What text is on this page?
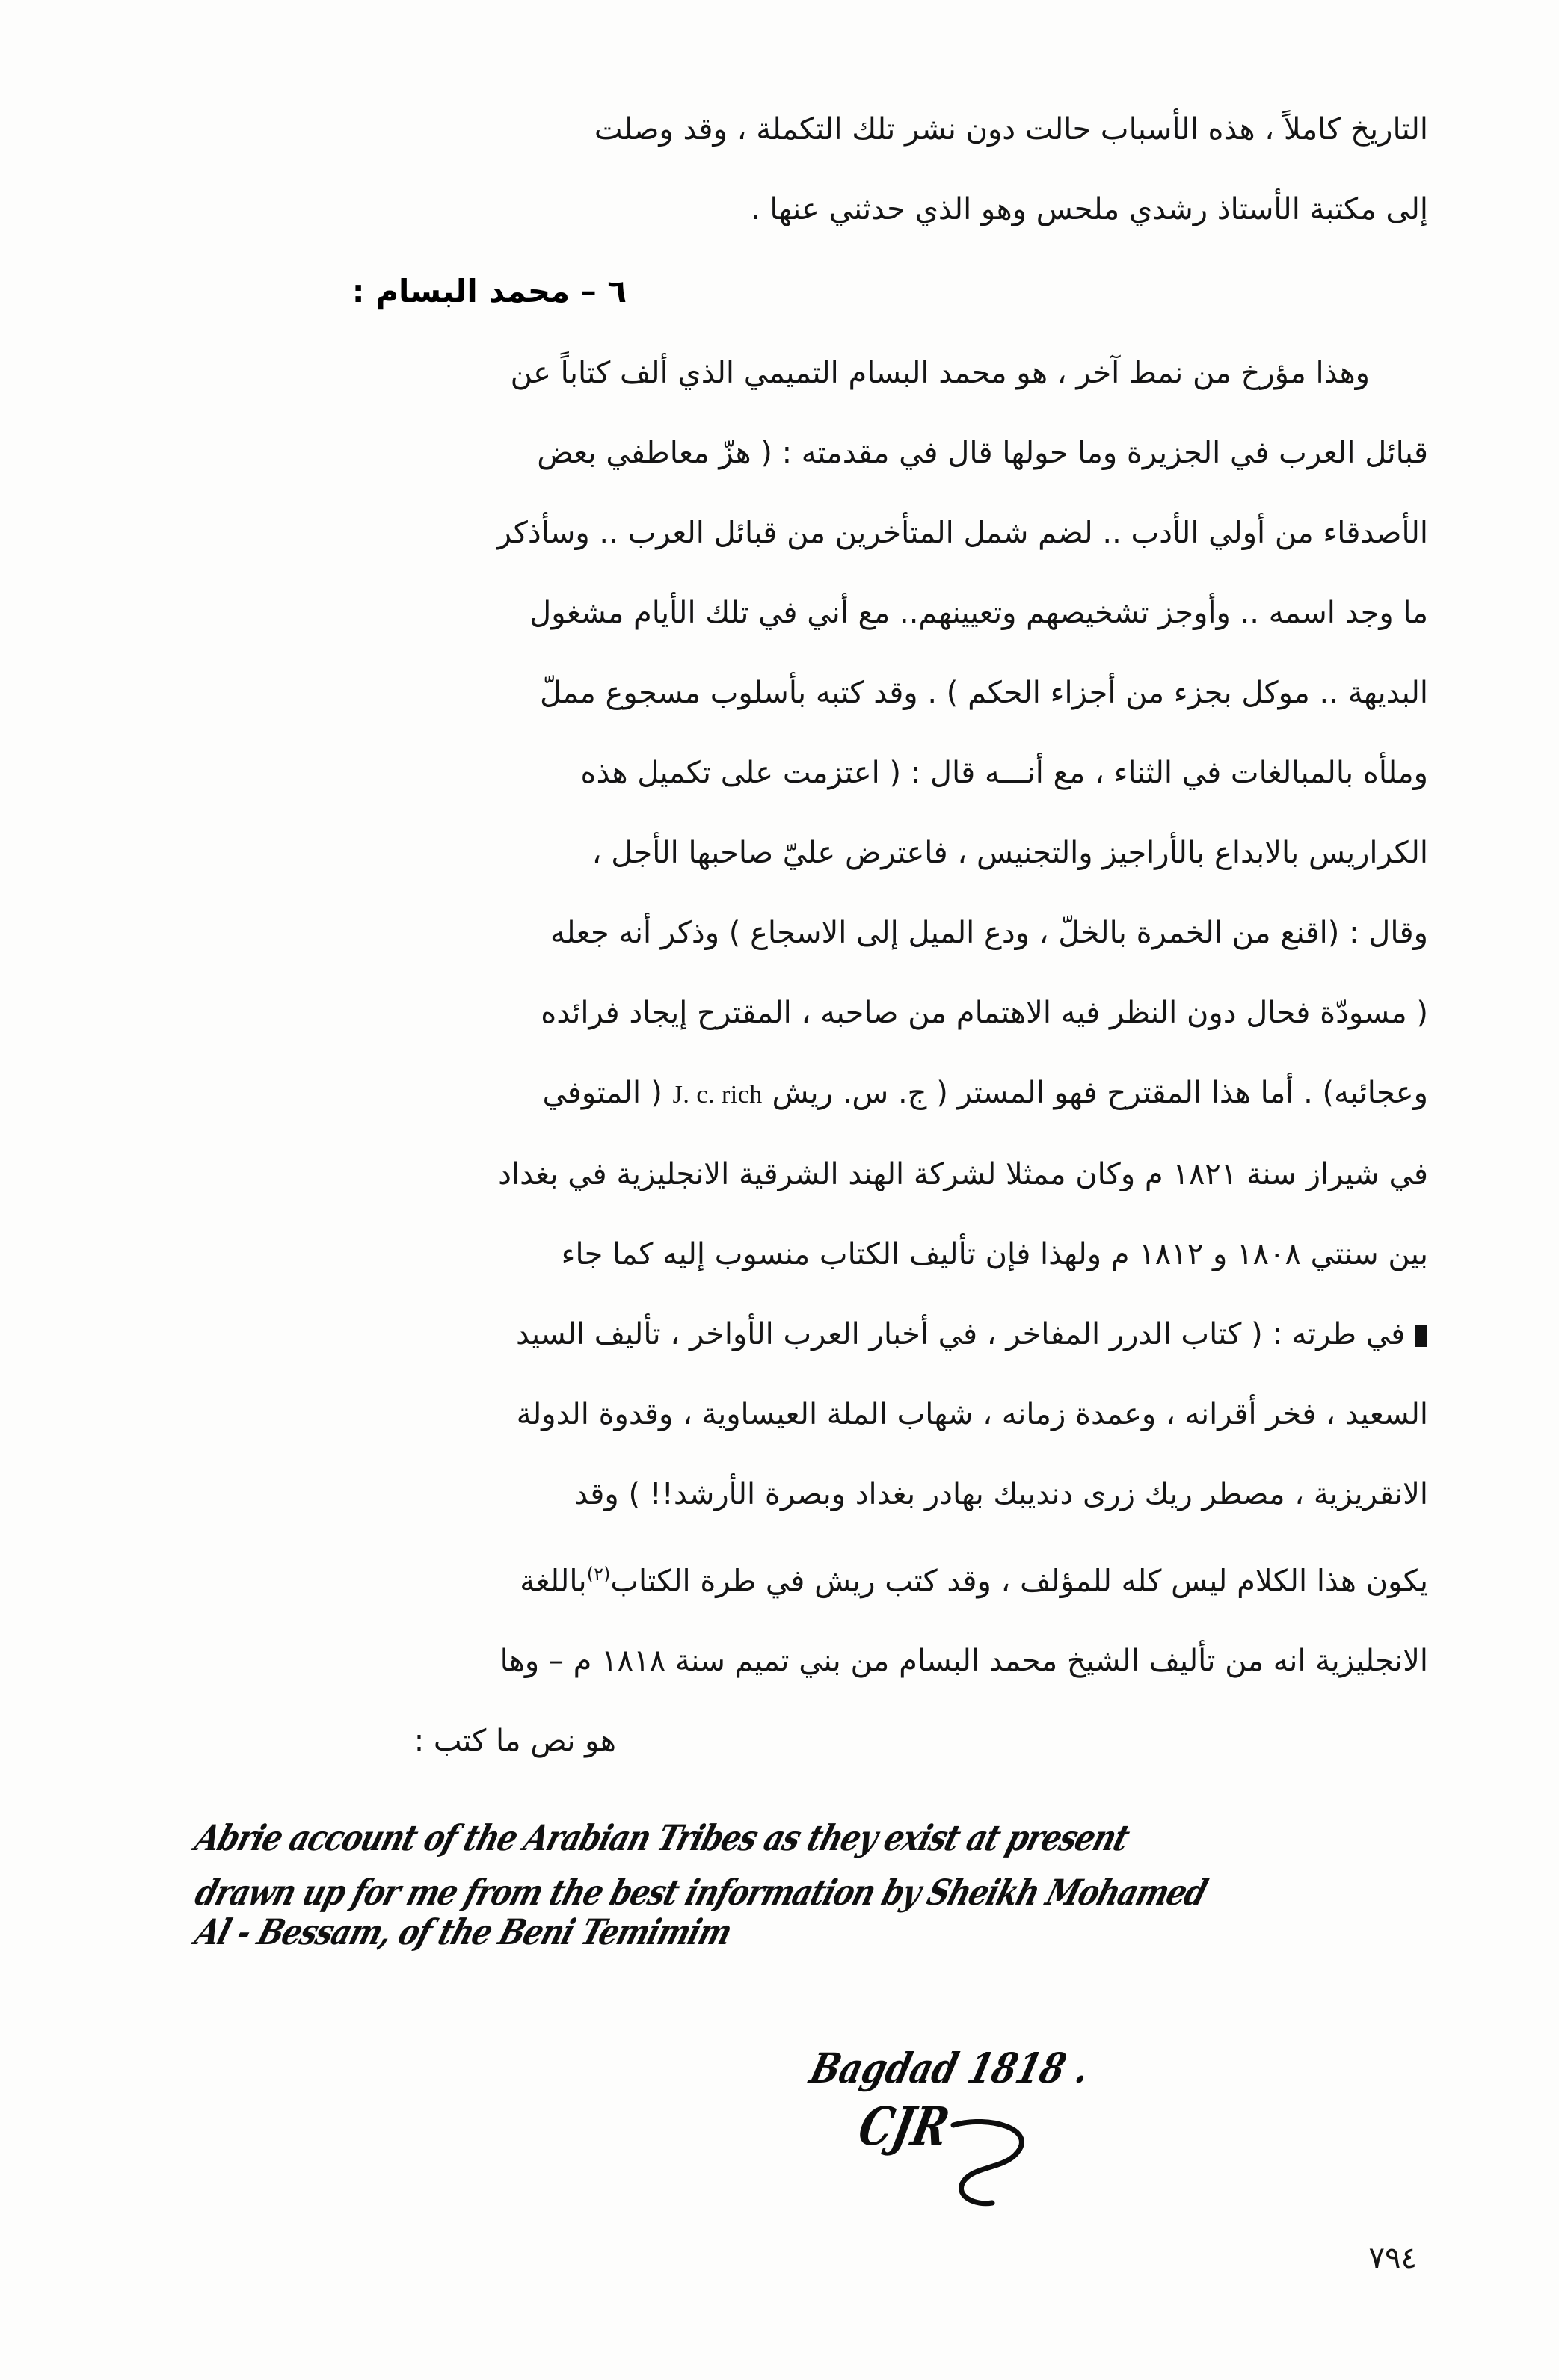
التاريخ كاملاً ، هذه الأسباب حالت دون نشر تلك التكملة ، وقد وصلت
إلى مكتبة الأستاذ رشدي ملحس وهو الذي حدثني عنها .
٦ – محمد البسام :
وهذا مؤرخ من نمط آخر ، هو محمد البسام التميمي الذي ألف كتاباً عن
قبائل العرب في الجزيرة وما حولها قال في مقدمته : ( هزّ معاطفي بعض
الأصدقاء من أولي الأدب .. لضم شمل المتأخرين من قبائل العرب .. وسأذكر
ما وجد اسمه .. وأوجز تشخيصهم وتعيينهم.. مع أني في تلك الأيام مشغول
البديهة .. موكل بجزء من أجزاء الحكم ) . وقد كتبه بأسلوب مسجوع مملّ
وملأه بالمبالغات في الثناء ، مع أنـــه قال : ( اعتزمت على تكميل هذه
الكراريس بالابداع بالأراجيز والتجنيس ، فاعترض عليّ صاحبها الأجل ،
وقال : (اقنع من الخمرة بالخلّ ، ودع الميل إلى الاسجاع ) وذكر أنه جعله
( مسودّة فحال دون النظر فيه الاهتمام من صاحبه ، المقترح إيجاد فرائده
وعجائبه) . أما هذا المقترح فهو المستر ( ج. س. ريش J. c. rich ( المتوفي
في شيراز سنة ١٨٢١ م وكان ممثلا لشركة الهند الشرقية الانجليزية في بغداد
بين سنتي ١٨٠٨ و ١٨١٢ م ولهذا فإن تأليف الكتاب منسوب إليه كما جاء
في طرته : ( كتاب الدرر المفاخر ، في أخبار العرب الأواخر ، تأليف السيد
السعيد ، فخر أقرانه ، وعمدة زمانه ، شهاب الملة العيساوية ، وقدوة الدولة
الانقريزية ، مصطر ريك زرى دنديبك بهادر بغداد وبصرة الأرشد!! ) وقد
يكون هذا الكلام ليس كله للمؤلف ، وقد كتب ريش في طرة الكتاب$^{(٢)}$باللغة
الانجليزية انه من تأليف الشيخ محمد البسام من بني تميم سنة ١٨١٨ م – وها
هو نص ما كتب :
Abrie account of the Arabian Tribes as they exist at present
drawn up for me from the best information by Sheikh Mohamed
Al - Bessam, of the Beni Temimim
Bagdad 1818 .
CJR
٧٩٤
